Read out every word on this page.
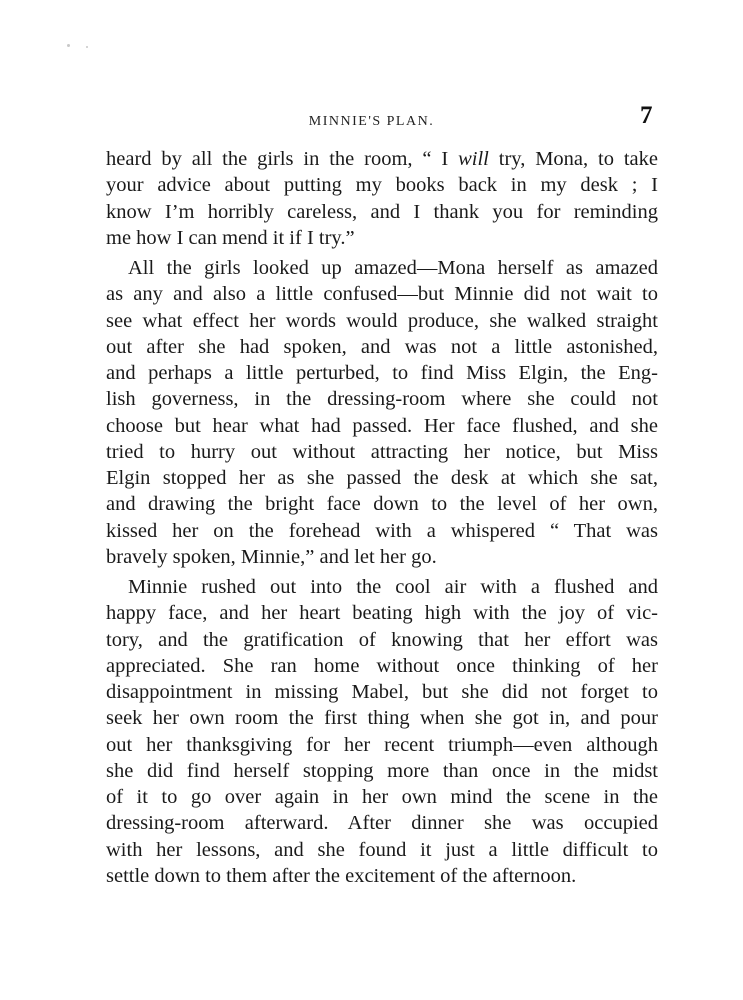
MINNIE'S PLAN.	7
heard by all the girls in the room, “ I will try, Mona, to take
your advice about putting my books back in my desk ; I
know I’m horribly careless, and I thank you for reminding
me how I can mend it if I try.”
All the girls looked up amazed—Mona herself as amazed
as any and also a little confused—but Minnie did not wait to
see what effect her words would produce, she walked straight
out after she had spoken, and was not a little astonished,
and perhaps a little perturbed, to find Miss Elgin, the Eng-
lish governess, in the dressing-room where she could not
choose but hear what had passed. Her face flushed, and she
tried to hurry out without attracting her notice, but Miss
Elgin stopped her as she passed the desk at which she sat,
and drawing the bright face down to the level of her own,
kissed her on the forehead with a whispered “ That was
bravely spoken, Minnie,” and let her go.
Minnie rushed out into the cool air with a flushed and
happy face, and her heart beating high with the joy of vic-
tory, and the gratification of knowing that her effort was
appreciated. She ran home without once thinking of her
disappointment in missing Mabel, but she did not forget to
seek her own room the first thing when she got in, and pour
out her thanksgiving for her recent triumph—even although
she did find herself stopping more than once in the midst
of it to go over again in her own mind the scene in the
dressing-room afterward. After dinner she was occupied
with her lessons, and she found it just a little difficult to
settle down to them after the excitement of the afternoon.
